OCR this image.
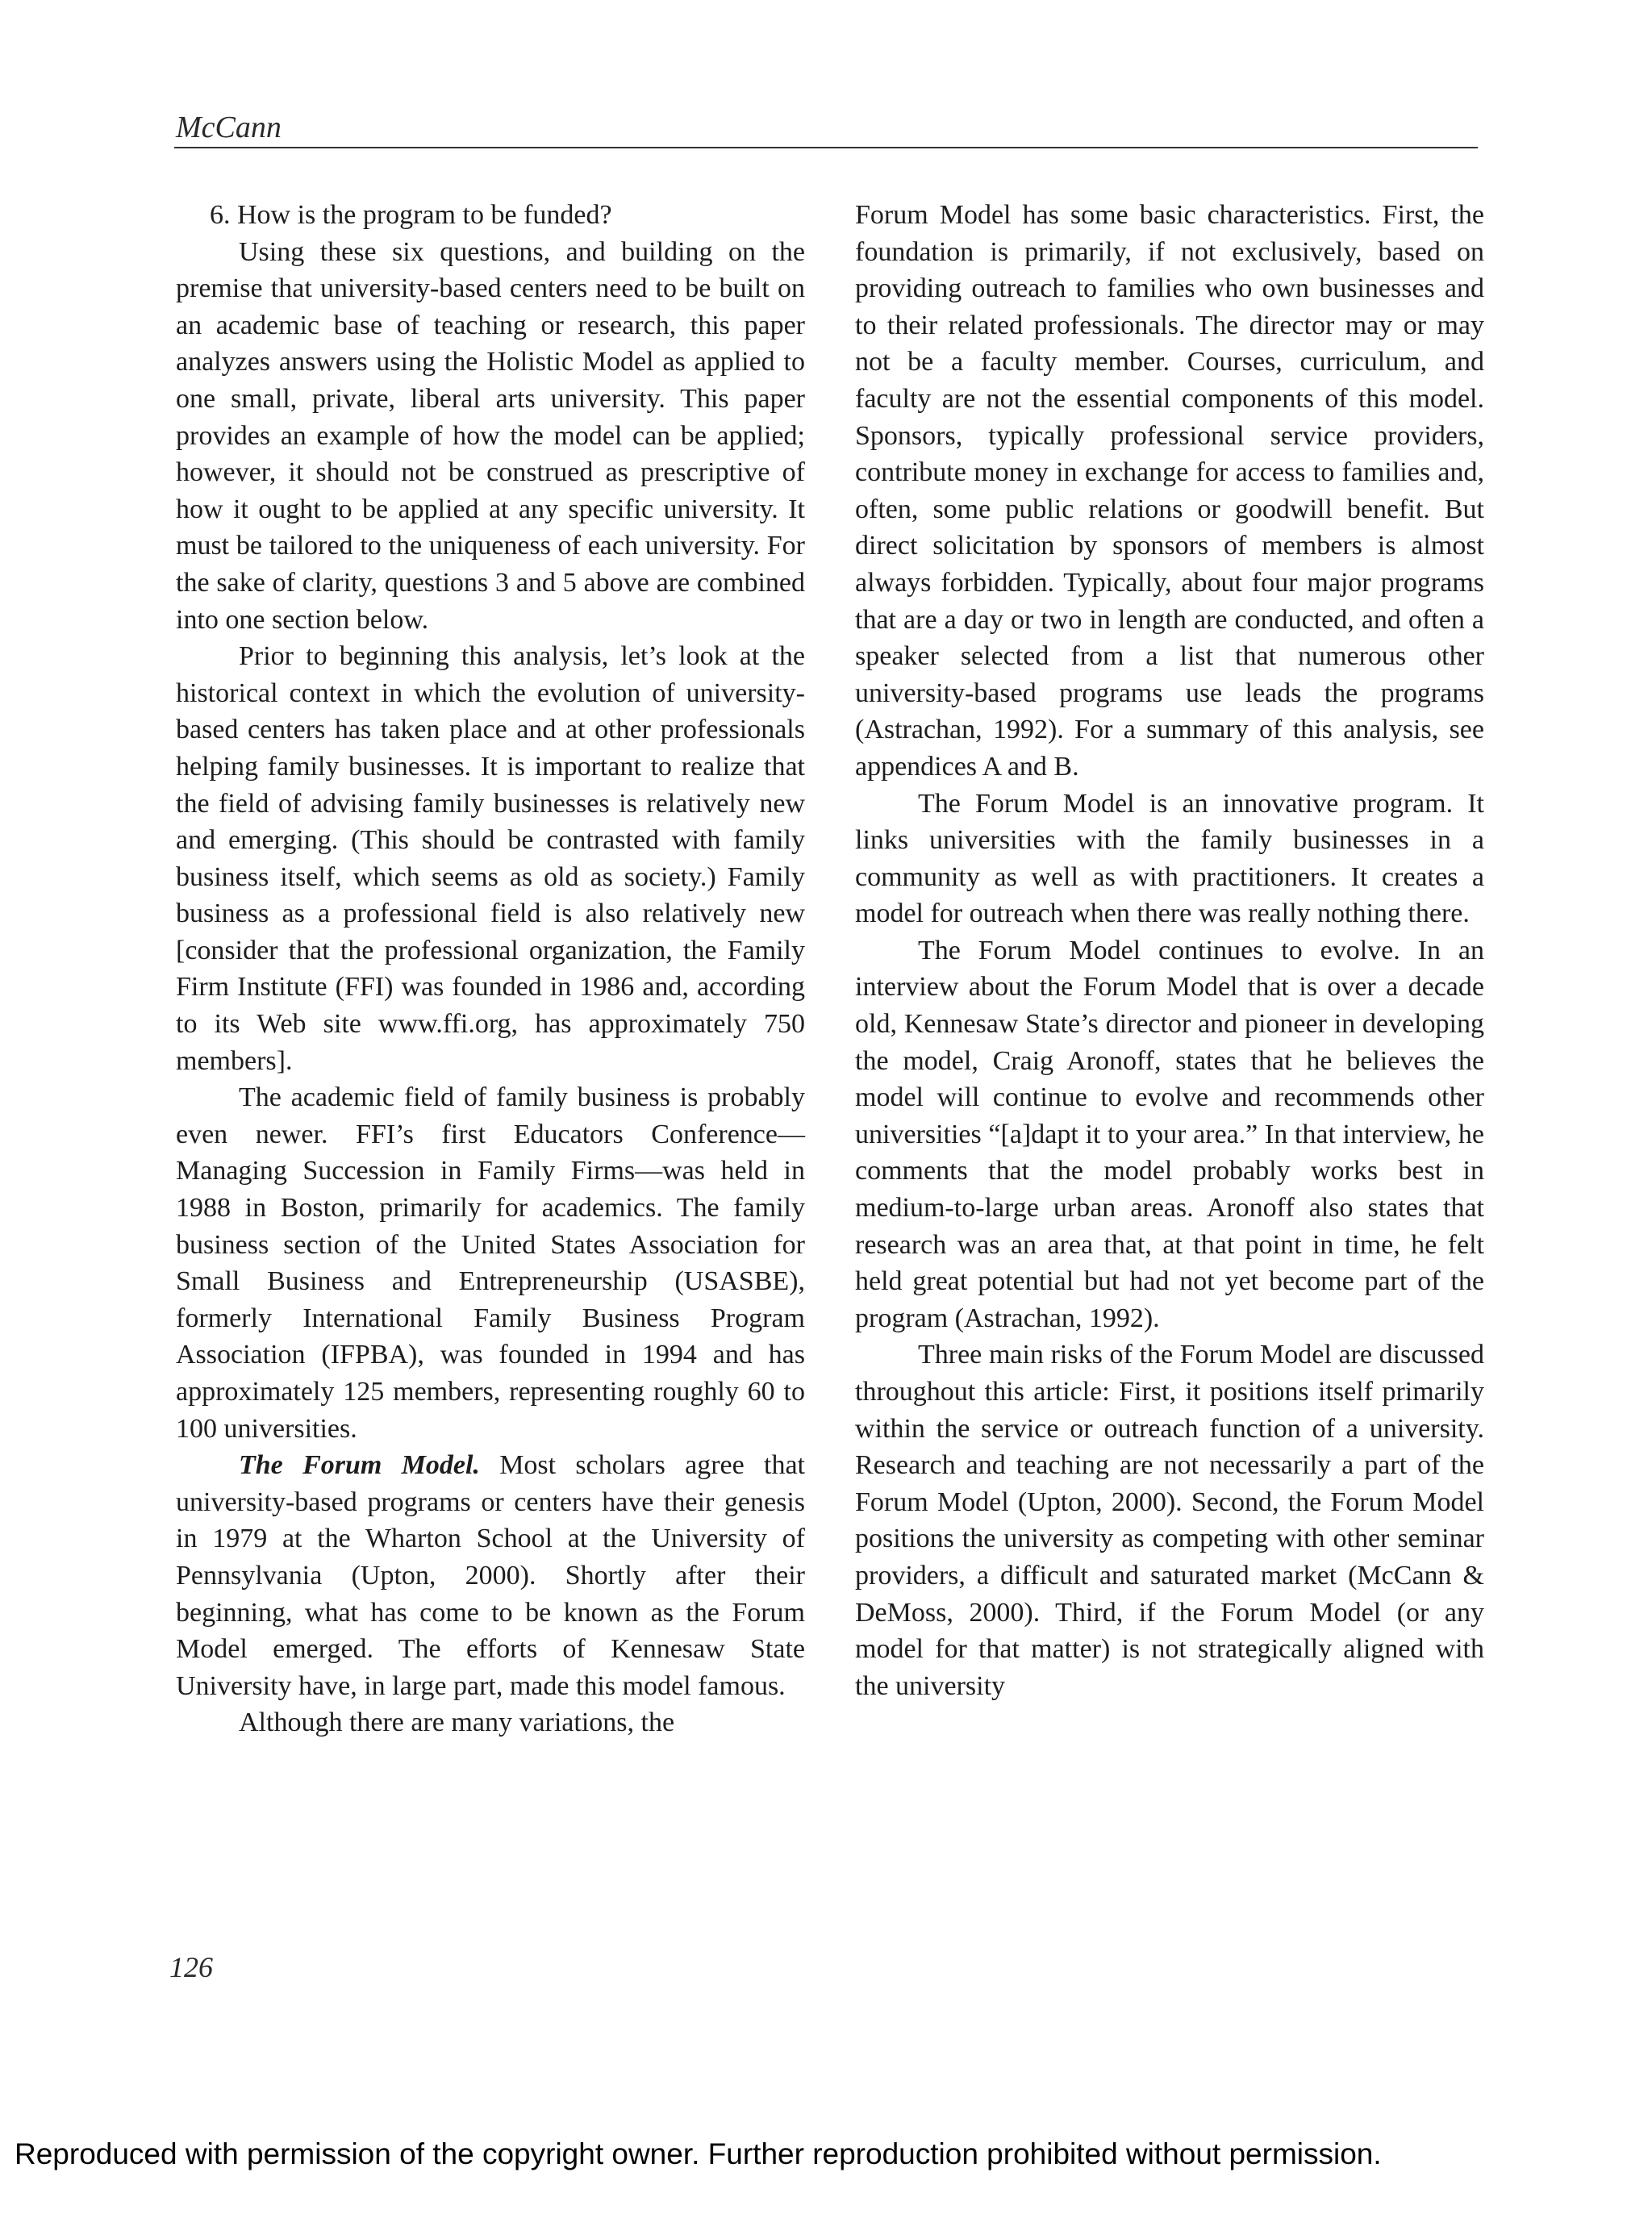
McCann

6. How is the program to be funded?

Using these six questions, and building on the premise that university-based centers need to be built on an academic base of teaching or research, this paper analyzes answers using the Holistic Model as applied to one small, private, liberal arts university. This paper provides an example of how the model can be applied; however, it should not be construed as prescriptive of how it ought to be applied at any specific university. It must be tailored to the uniqueness of each university. For the sake of clarity, questions 3 and 5 above are combined into one section below.

Prior to beginning this analysis, let’s look at the historical context in which the evolution of university-based centers has taken place and at other professionals helping family businesses. It is important to realize that the field of advising family businesses is relatively new and emerging. (This should be contrasted with family business itself, which seems as old as society.) Family business as a professional field is also relatively new [consider that the professional organization, the Family Firm Institute (FFI) was founded in 1986 and, according to its Web site www.ffi.org, has approximately 750 members].

The academic field of family business is probably even newer. FFI’s first Educators Conference—Managing Succession in Family Firms—was held in 1988 in Boston, primarily for academics. The family business section of the United States Association for Small Business and Entrepreneurship (USASBE), formerly International Family Business Program Association (IFPBA), was founded in 1994 and has approximately 125 members, representing roughly 60 to 100 universities.

The Forum Model. Most scholars agree that university-based programs or centers have their genesis in 1979 at the Wharton School at the University of Pennsylvania (Upton, 2000). Shortly after their beginning, what has come to be known as the Forum Model emerged. The efforts of Kennesaw State University have, in large part, made this model famous.

Although there are many variations, the

Forum Model has some basic characteristics. First, the foundation is primarily, if not exclusively, based on providing outreach to families who own businesses and to their related professionals. The director may or may not be a faculty member. Courses, curriculum, and faculty are not the essential components of this model. Sponsors, typically professional service providers, contribute money in exchange for access to families and, often, some public relations or goodwill benefit. But direct solicitation by sponsors of members is almost always forbidden. Typically, about four major programs that are a day or two in length are conducted, and often a speaker selected from a list that numerous other university-based programs use leads the programs (Astrachan, 1992). For a summary of this analysis, see appendices A and B.

The Forum Model is an innovative program. It links universities with the family businesses in a community as well as with practitioners. It creates a model for outreach when there was really nothing there.

The Forum Model continues to evolve. In an interview about the Forum Model that is over a decade old, Kennesaw State’s director and pioneer in developing the model, Craig Aronoff, states that he believes the model will continue to evolve and recommends other universities “[a]dapt it to your area.” In that interview, he comments that the model probably works best in medium-to-large urban areas. Aronoff also states that research was an area that, at that point in time, he felt held great potential but had not yet become part of the program (Astrachan, 1992).

Three main risks of the Forum Model are discussed throughout this article: First, it positions itself primarily within the service or outreach function of a university. Research and teaching are not necessarily a part of the Forum Model (Upton, 2000). Second, the Forum Model positions the university as competing with other seminar providers, a difficult and saturated market (McCann & DeMoss, 2000). Third, if the Forum Model (or any model for that matter) is not strategically aligned with the university

126
Reproduced with permission of the copyright owner. Further reproduction prohibited without permission.
